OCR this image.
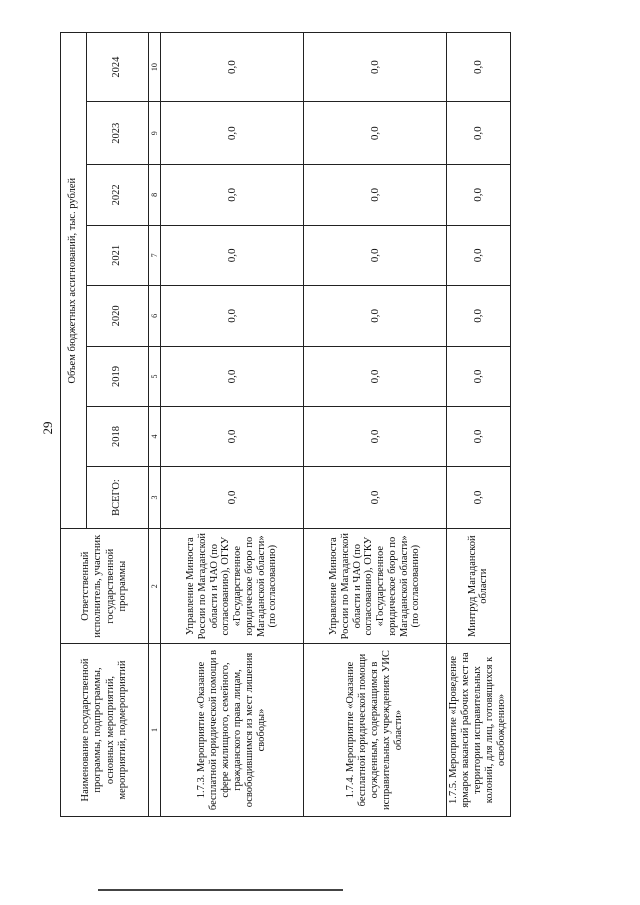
29
Наименование государственной программы, подпрограммы, основных мероприятий, мероприятий, подмероприятий	Ответственный исполнитель, участник государственной программы	Объем бюджетных ассигнований, тыс. рублей							
		ВСЕГО:	2018	2019	2020	2021	2022	2023	2024
1	2	3	4	5	6	7	8	9	10
1.7.3. Мероприятие «Оказание бесплатной юридической помощи в сфере жилищного, семейного, гражданского права лицам, освободившимся из мест лишения свободы»	Управление Минюста России по Магаданской области и ЧАО (по согласованию), ОГКУ «Государственное юридическое бюро по Магаданской области» (по согласованию)	0,0	0,0	0,0	0,0	0,0	0,0	0,0	0,0
1.7.4. Мероприятие «Оказание бесплатной юридической помощи осужденным, содержащимся в исправительных учреждениях УИС области»	Управление Минюста России по Магаданской области и ЧАО (по согласованию), ОГКУ «Государственное юридическое бюро по Магаданской области» (по согласованию)	0,0	0,0	0,0	0,0	0,0	0,0	0,0	0,0
1.7.5. Мероприятие «Проведение ярмарок вакансий рабочих мест на территории исправительных колоний, для лиц, готовящихся к освобождению»	Минтруд Магаданской области	0,0	0,0	0,0	0,0	0,0	0,0	0,0	0,0
